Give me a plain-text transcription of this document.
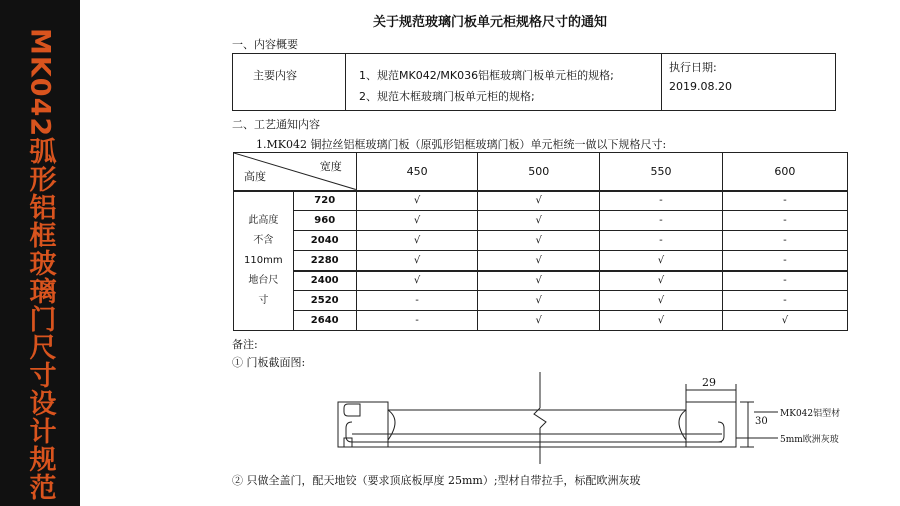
MK042弧形铝框玻璃门尺寸设计规范
关于规范玻璃门板单元柜规格尺寸的通知
一、内容概要
主要内容	1、规范MK042/MK036铝框玻璃门板单元柜的规格;
2、规范木框玻璃门板单元柜的规格;
执行日期:
2019.08.20
二、工艺通知内容
1.MK042 铜拉丝铝框玻璃门板（原弧形铝框玻璃门板）单元柜统一做以下规格尺寸:
宽度
高度		450	500	550	600

此高度
不含
110mm
地台尺
寸	720	√	√	-	-
	960	√	√	-	-
	2040	√	√	-	-
	2280	√	√	√	-
	2400	√	√	√	-
	2520	-	√	√	-
	2640	-	√	√	√
备注:
① 门板截面图:
29
30
MK042铝型材
5mm欧洲灰玻
② 只做全盖门，配天地铰（要求顶底板厚度 25mm）;型材自带拉手，标配欧洲灰玻
